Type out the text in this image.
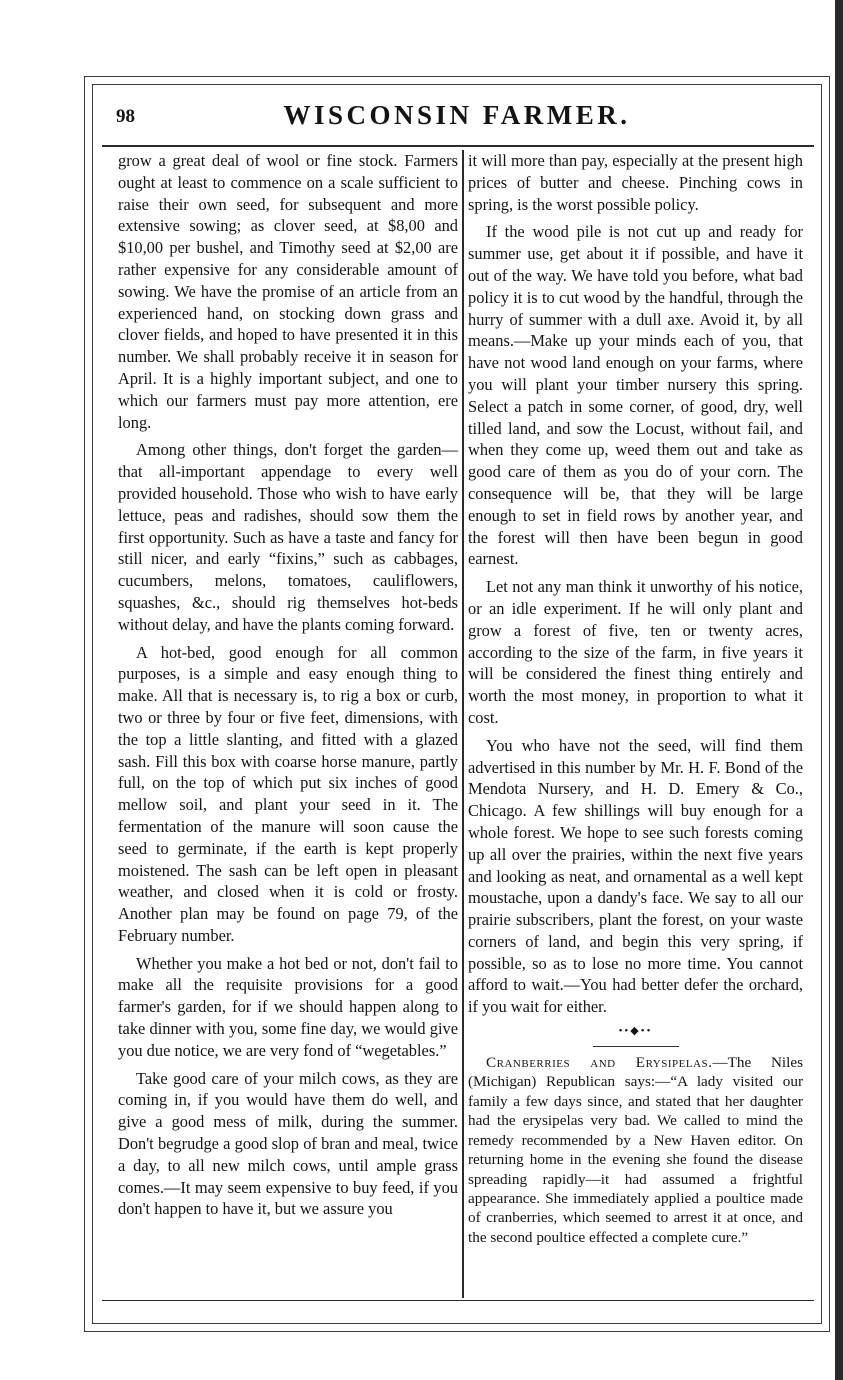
98	WISCONSIN FARMER.

grow a great deal of wool or fine stock. Farmers ought at least to commence on a scale sufficient to raise their own seed, for subsequent and more extensive sowing; as clover seed, at $8,00 and $10,00 per bushel, and Timothy seed at $2,00 are rather expensive for any considerable amount of sowing. We have the promise of an article from an experienced hand, on stocking down grass and clover fields, and hoped to have presented it in this number. We shall probably receive it in season for April. It is a highly important subject, and one to which our farmers must pay more attention, ere long.

Among other things, don't forget the garden—that all-important appendage to every well provided household. Those who wish to have early lettuce, peas and radishes, should sow them the first opportunity. Such as have a taste and fancy for still nicer, and early “fixins,” such as cabbages, cucumbers, melons, tomatoes, cauliflowers, squashes, &c., should rig themselves hot-beds without delay, and have the plants coming forward.

A hot-bed, good enough for all common purposes, is a simple and easy enough thing to make. All that is necessary is, to rig a box or curb, two or three by four or five feet, dimensions, with the top a little slanting, and fitted with a glazed sash. Fill this box with coarse horse manure, partly full, on the top of which put six inches of good mellow soil, and plant your seed in it. The fermentation of the manure will soon cause the seed to germinate, if the earth is kept properly moistened. The sash can be left open in pleasant weather, and closed when it is cold or frosty. Another plan may be found on page 79, of the February number.

Whether you make a hot bed or not, don't fail to make all the requisite provisions for a good farmer's garden, for if we should happen along to take dinner with you, some fine day, we would give you due notice, we are very fond of “wegetables.”

Take good care of your milch cows, as they are coming in, if you would have them do well, and give a good mess of milk, during the summer. Don't begrudge a good slop of bran and meal, twice a day, to all new milch cows, until ample grass comes.—It may seem expensive to buy feed, if you don't happen to have it, but we assure you

it will more than pay, especially at the present high prices of butter and cheese. Pinching cows in spring, is the worst possible policy.

If the wood pile is not cut up and ready for summer use, get about it if possible, and have it out of the way. We have told you before, what bad policy it is to cut wood by the handful, through the hurry of summer with a dull axe. Avoid it, by all means.—Make up your minds each of you, that have not wood land enough on your farms, where you will plant your timber nursery this spring. Select a patch in some corner, of good, dry, well tilled land, and sow the Locust, without fail, and when they come up, weed them out and take as good care of them as you do of your corn. The consequence will be, that they will be large enough to set in field rows by another year, and the forest will then have been begun in good earnest.

Let not any man think it unworthy of his notice, or an idle experiment. If he will only plant and grow a forest of five, ten or twenty acres, according to the size of the farm, in five years it will be considered the finest thing entirely and worth the most money, in proportion to what it cost.

You who have not the seed, will find them advertised in this number by Mr. H. F. Bond of the Mendota Nursery, and H. D. Emery & Co., Chicago. A few shillings will buy enough for a whole forest. We hope to see such forests coming up all over the prairies, within the next five years and looking as neat, and ornamental as a well kept moustache, upon a dandy's face. We say to all our prairie subscribers, plant the forest, on your waste corners of land, and begin this very spring, if possible, so as to lose no more time. You cannot afford to wait.—You had better defer the orchard, if you wait for either.

••◆••

Cranberries and Erysipelas.—The Niles (Michigan) Republican says:—“A lady visited our family a few days since, and stated that her daughter had the erysipelas very bad. We called to mind the remedy recommended by a New Haven editor. On returning home in the evening she found the disease spreading rapidly—it had assumed a frightful appearance. She immediately applied a poultice made of cranberries, which seemed to arrest it at once, and the second poultice effected a complete cure.”
